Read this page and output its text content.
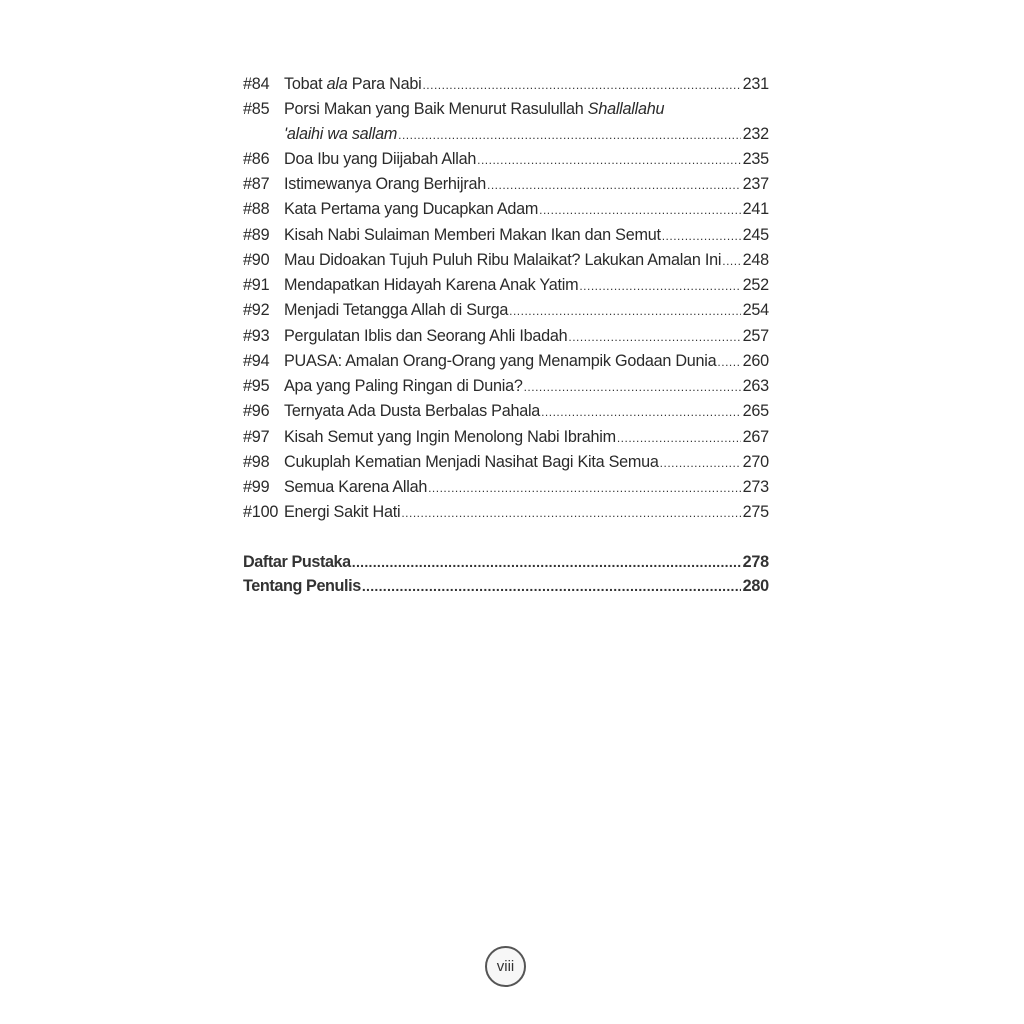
#84 Tobat ala Para Nabi .....	231
#85 Porsi Makan yang Baik Menurut Rasulullah Shallallahu
'alaihi wa sallam .....	232
#86 Doa Ibu yang Diijabah Allah .....	235
#87 Istimewanya Orang Berhijrah .....	237
#88 Kata Pertama yang Ducapkan Adam .....	241
#89 Kisah Nabi Sulaiman Memberi Makan Ikan dan Semut .....	245
#90 Mau Didoakan Tujuh Puluh Ribu Malaikat? Lakukan Amalan Ini ..... 248
#91 Mendapatkan Hidayah Karena Anak Yatim .....	252
#92 Menjadi Tetangga Allah di Surga .....	254
#93 Pergulatan Iblis dan Seorang Ahli Ibadah .....	257
#94 PUASA: Amalan Orang-Orang yang Menampik Godaan Dunia ..... 260
#95 Apa yang Paling Ringan di Dunia? .....	263
#96 Ternyata Ada Dusta Berbalas Pahala .....	265
#97 Kisah Semut yang Ingin Menolong Nabi Ibrahim .....	267
#98 Cukuplah Kematian Menjadi Nasihat Bagi Kita Semua .....	270
#99 Semua Karena Allah .....	273
#100 Energi Sakit Hati .....	275
Daftar Pustaka .....	278
Tentang Penulis .....	280
viii
